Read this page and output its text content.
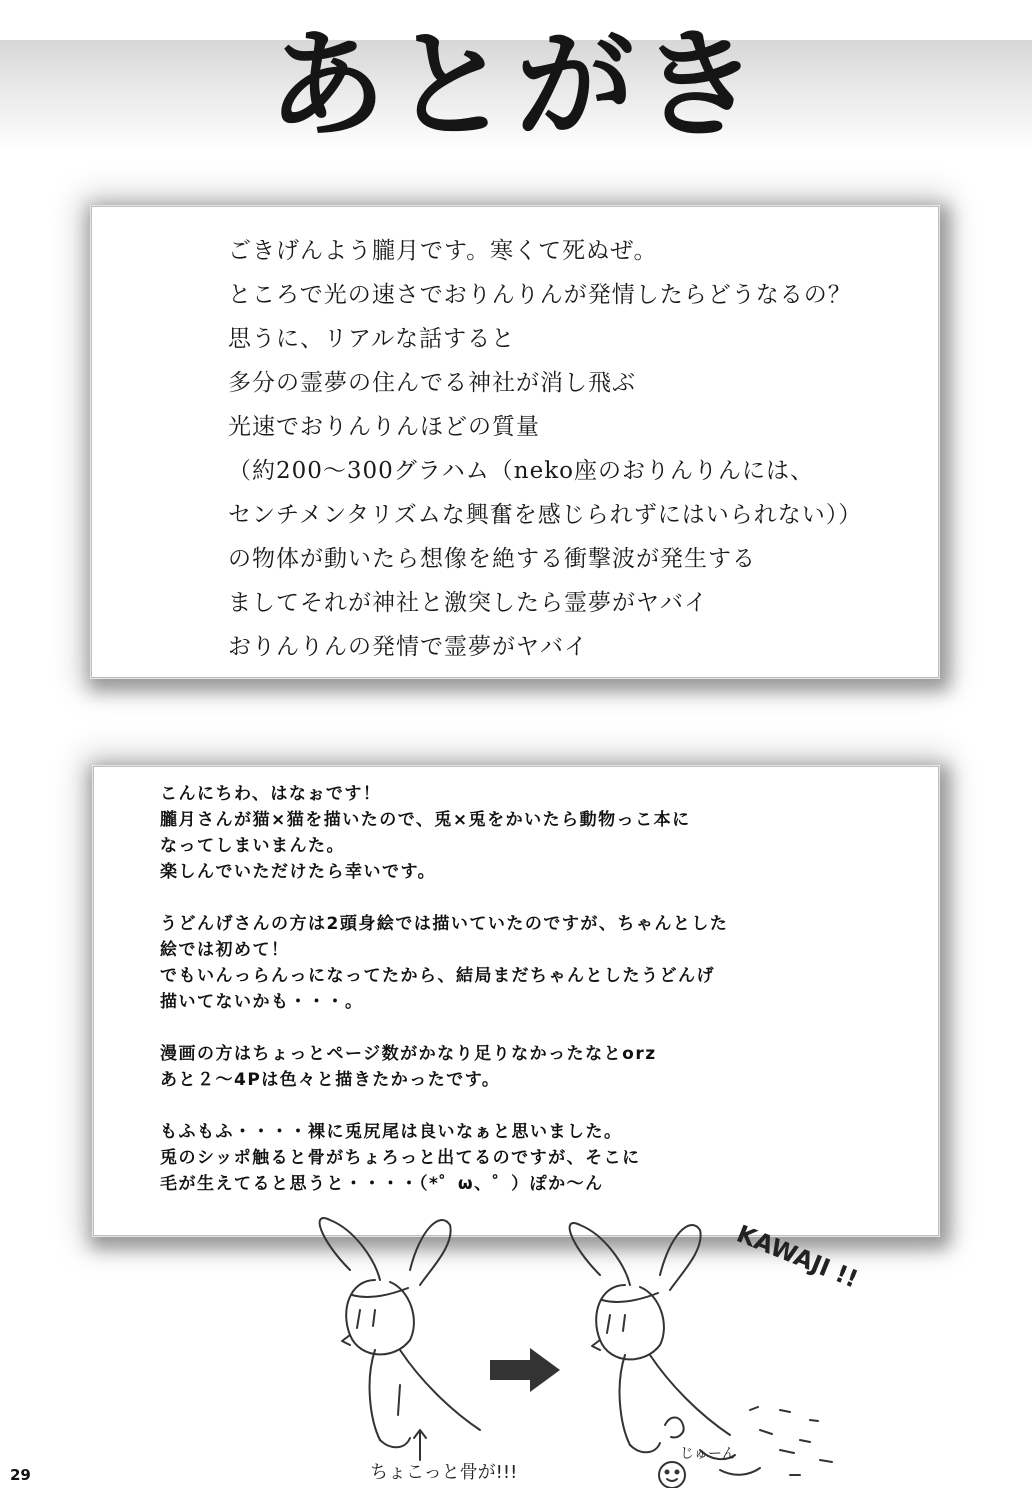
あとがき
ごきげんよう朧月です。寒くて死ぬぜ。
ところで光の速さでおりんりんが発情したらどうなるの？
思うに、リアルな話すると
多分の霊夢の住んでる神社が消し飛ぶ
光速でおりんりんほどの質量
（約200～300グラハム（neko座のおりんりんには、
センチメンタリズムな興奮を感じられずにはいられない））
の物体が動いたら想像を絶する衝撃波が発生する
ましてそれが神社と激突したら霊夢がヤバイ
おりんりんの発情で霊夢がヤバイ
こんにちわ、はなぉです！
朧月さんが猫×猫を描いたので、兎×兎をかいたら動物っこ本に
なってしまいまんた。
楽しんでいただけたら幸いです。
うどんげさんの方は2頭身絵では描いていたのですが、ちゃんとした
絵では初めて！
でもいんっらんっになってたから、結局まだちゃんとしたうどんげ
描いてないかも・・・。
漫画の方はちょっとページ数がかなり足りなかったなとorz
あと２～4Pは色々と描きたかったです。
もふもふ・・・・裸に兎尻尾は良いなぁと思いました。
兎のシッポ触ると骨がちょろっと出てるのですが、そこに
毛が生えてると思うと・・・・（*゜ω、゜）ぽか～ん
ちょこっと骨が!!!
じゅーん
KAWAJI !!

29
